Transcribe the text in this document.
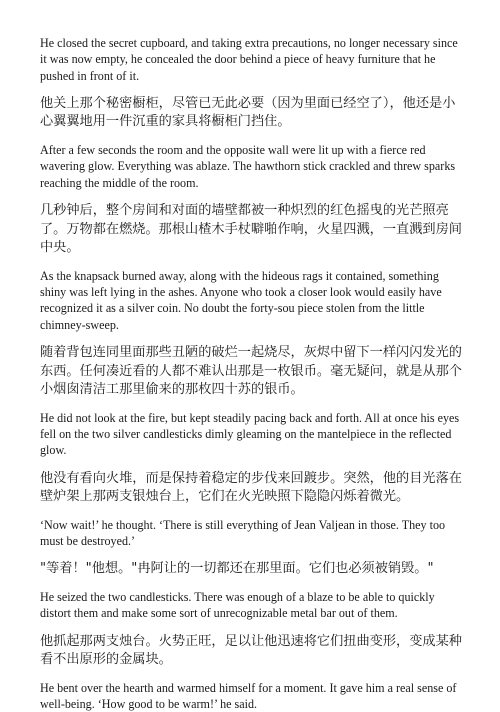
He closed the secret cupboard, and taking extra precautions, no longer necessary since it was now empty, he concealed the door behind a piece of heavy furniture that he pushed in front of it.

他关上那个秘密橱柜，尽管已无此必要（因为里面已经空了），他还是小心翼翼地用一件沉重的家具将橱柜门挡住。

After a few seconds the room and the opposite wall were lit up with a fierce red wavering glow. Everything was ablaze. The hawthorn stick crackled and threw sparks reaching the middle of the room.

几秒钟后，整个房间和对面的墙壁都被一种炽烈的红色摇曳的光芒照亮了。万物都在燃烧。那根山楂木手杖噼啪作响，火星四溅，一直溅到房间中央。

As the knapsack burned away, along with the hideous rags it contained, something shiny was left lying in the ashes. Anyone who took a closer look would easily have recognized it as a silver coin. No doubt the forty-sou piece stolen from the little chimney-sweep.

随着背包连同里面那些丑陋的破烂一起烧尽，灰烬中留下一样闪闪发光的东西。任何凑近看的人都不难认出那是一枚银币。毫无疑问，就是从那个小烟囱清洁工那里偷来的那枚四十苏的银币。

He did not look at the fire, but kept steadily pacing back and forth. All at once his eyes fell on the two silver candlesticks dimly gleaming on the mantelpiece in the reflected glow.

他没有看向火堆，而是保持着稳定的步伐来回踱步。突然，他的目光落在壁炉架上那两支银烛台上，它们在火光映照下隐隐闪烁着微光。

‘Now wait!’ he thought. ‘There is still everything of Jean Valjean in those. They too must be destroyed.’

"等着！"他想。"冉阿让的一切都还在那里面。它们也必须被销毁。"

He seized the two candlesticks. There was enough of a blaze to be able to quickly distort them and make some sort of unrecognizable metal bar out of them.

他抓起那两支烛台。火势正旺，足以让他迅速将它们扭曲变形，变成某种看不出原形的金属块。

He bent over the hearth and warmed himself for a moment. It gave him a real sense of well-being. ‘How good to be warm!’ he said.
